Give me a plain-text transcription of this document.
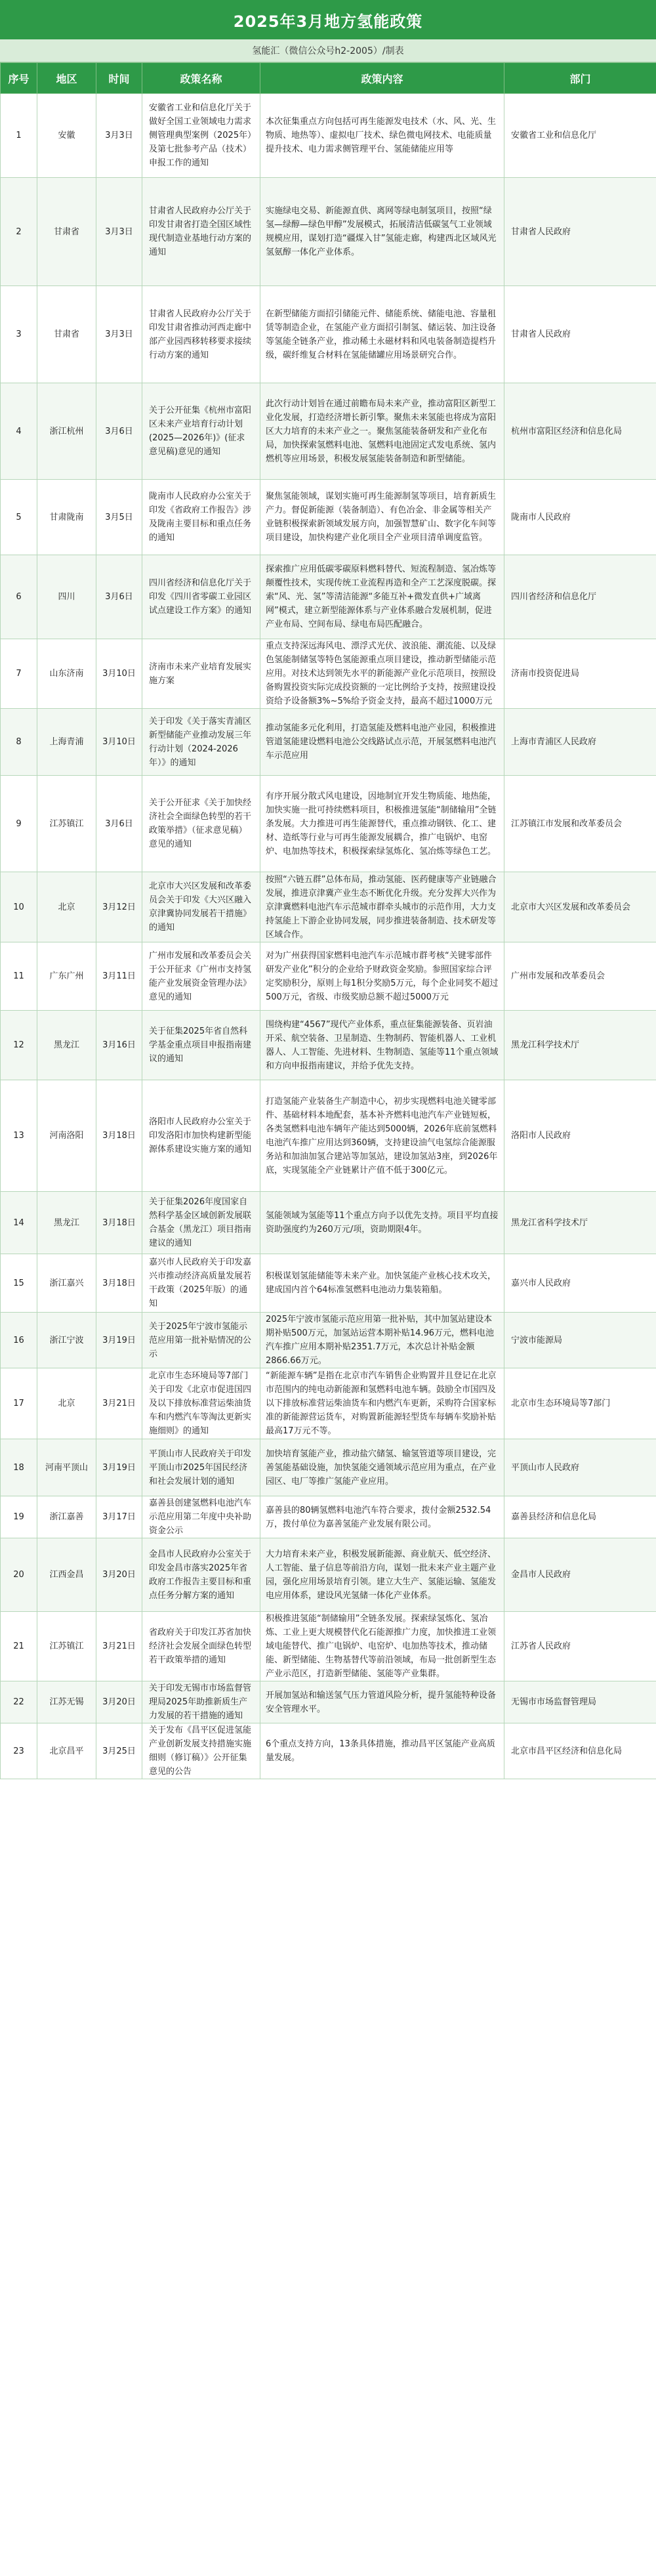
2025年3月地方氢能政策
氢能汇（微信公众号h2-2005）/制表
序号	地区	时间	政策名称	政策内容	部门
1	安徽	3月3日	安徽省工业和信息化厅关于做好全国工业领域电力需求侧管理典型案例（2025年）及第七批参考产品（技术）申报工作的通知	本次征集重点方向包括可再生能源发电技术（水、风、光、生物质、地热等）、虚拟电厂技术、绿色微电网技术、电能质量提升技术、电力需求侧管理平台、氢能储能应用等	安徽省工业和信息化厅
2	甘肃省	3月3日	甘肃省人民政府办公厅关于印发甘肃省打造全国区域性现代制造业基地行动方案的通知	实施绿电交易、新能源直供、离网等绿电制氢项目，按照“绿氢—绿醇—绿色甲醇”发展模式，拓展清洁低碳氢气工业领域规模应用，谋划打造“疆煤入甘”氢能走廊，构建西北区域风光氢氨醇一体化产业体系。	甘肃省人民政府
3	甘肃省	3月3日	甘肃省人民政府办公厅关于印发甘肃省推动河西走廊中部产业园西移转移要求接续行动方案的通知	在新型储能方面招引储能元件、储能系统、储能电池、容量租赁等制造企业，在氢能产业方面招引制氢、储运装、加注设备等氢能全链条产业，推动稀土永磁材料和风电装备制造提档升级，碳纤维复合材料在氢能储罐应用场景研究合作。	甘肃省人民政府
4	浙江杭州	3月6日	关于公开征集《杭州市富阳区未来产业培育行动计划(2025—2026年)》(征求意见稿)意见的通知	此次行动计划旨在通过前瞻布局未来产业，推动富阳区新型工业化发展，打造经济增长新引擎。聚焦未来氢能也将成为富阳区大力培育的未来产业之一。聚焦氢能装备研发和产业化布局，加快探索氢燃料电池、氢燃料电池固定式发电系统、氢内燃机等应用场景，积极发展氢能装备制造和新型储能。	杭州市富阳区经济和信息化局
5	甘肃陇南	3月5日	陇南市人民政府办公室关于印发《省政府工作报告》涉及陇南主要目标和重点任务的通知	聚焦氢能领域，谋划实施可再生能源制氢等项目，培育新质生产力。督促新能源（装备制造）、有色冶金、非金属等相关产业链积极探索新领域发展方向，加强智慧矿山、数字化车间等项目建设，加快构建产业化项目全产业项目清单调度监管。	陇南市人民政府
6	四川	3月6日	四川省经济和信息化厅关于印发《四川省零碳工业园区试点建设工作方案》的通知	探索推广应用低碳零碳原料燃料替代、短流程制造、氢冶炼等颠覆性技术，实现传统工业流程再造和全产工艺深度脱碳。探索“风、光、氢”等清洁能源“多能互补+微发直供+广域离网”模式，建立新型能源体系与产业体系融合发展机制，促进产业布局、空间布局、绿电布局匹配融合。	四川省经济和信息化厅
7	山东济南	3月10日	济南市未来产业培育发展实施方案	重点支持深远海风电、漂浮式光伏、波浪能、潮流能、以及绿色氢能制储氢等特色氢能源重点项目建设，推动新型储能示范应用。对技术达到领先水平的新能源产业化示范项目，按照设备购置投资实际完成投资额的一定比例给予支持，按照建设投资给予设备额3%~5%给予资金支持，最高不超过1000万元	济南市投资促进局
8	上海青浦	3月10日	关于印发《关于落实青浦区新型储能产业推动发展三年行动计划（2024-2026年）》的通知	推动氢能多元化利用，打造氢能及燃料电池产业园，积极推进管道氢能建设燃料电池公交线路试点示范，开展氢燃料电池汽车示范应用	上海市青浦区人民政府
9	江苏镇江	3月6日	关于公开征求《关于加快经济社会全面绿色转型的若干政策举措》（征求意见稿）意见的通知	有序开展分散式风电建设，因地制宜开发生物质能、地热能，加快实施一批可持续燃料项目，积极推进氢能“制储输用”全链条发展。大力推进可再生能源替代，重点推动钢铁、化工、建材、造纸等行业与可再生能源发展耦合，推广电锅炉、电窑炉、电加热等技术，积极探索绿氢炼化、氢冶炼等绿色工艺。	江苏镇江市发展和改革委员会
10	北京	3月12日	北京市大兴区发展和改革委员会关于印发《大兴区融入京津冀协同发展若干措施》的通知	按照“六链五群”总体布局，推动氢能、医药健康等产业链融合发展，推进京津冀产业生态不断优化升级。充分发挥大兴作为京津冀燃料电池汽车示范城市群牵头城市的示范作用，大力支持氢能上下游企业协同发展，同步推进装备制造、技术研发等区域合作。	北京市大兴区发展和改革委员会
11	广东广州	3月11日	广州市发展和改革委员会关于公开征求《广州市支持氢能产业发展资金管理办法》意见的通知	对为广州获得国家燃料电池汽车示范城市群考核“关键零部件研发产业化”积分的企业给予财政资金奖励。参照国家综合评定奖励积分，原则上每1积分奖励5万元，每个企业同奖不超过500万元，省级、市级奖励总额不超过5000万元	广州市发展和改革委员会
12	黑龙江	3月16日	关于征集2025年省自然科学基金重点项目申报指南建议的通知	围绕构建“4567”现代产业体系，重点征集能源装备、页岩油开采、航空装备、卫星制造、生物制药、智能机器人、工业机器人、人工智能、先进材料、生物制造、氢能等11个重点领域和方向申报指南建议，并给予优先支持。	黑龙江科学技术厅
13	河南洛阳	3月18日	洛阳市人民政府办公室关于印发洛阳市加快构建新型能源体系建设实施方案的通知	打造氢能产业装备生产制造中心，初步实现燃料电池关键零部件、基础材料本地配套，基本补齐燃料电池汽车产业链短板，各类氢燃料电池车辆年产能达到5000辆，2026年底前氢燃料电池汽车推广应用达到360辆，支持建设油气电氢综合能源服务站和加油加氢合建站等加氢站，建设加氢站3座，到2026年底，实现氢能全产业链累计产值不低于300亿元。	洛阳市人民政府
14	黑龙江	3月18日	关于征集2026年度国家自然科学基金区域创新发展联合基金（黑龙江）项目指南建议的通知	氢能领域为氢能等11个重点方向予以优先支持。项目平均直接资助强度约为260万元/项，资助期限4年。	黑龙江省科学技术厅
15	浙江嘉兴	3月18日	嘉兴市人民政府关于印发嘉兴市推动经济高质量发展若干政策（2025年版）的通知	积极谋划氢能储能等未来产业。加快氢能产业核心技术攻关，建成国内首个64标准氢燃料电池动力集装箱船。	嘉兴市人民政府
16	浙江宁波	3月19日	关于2025年宁波市氢能示范应用第一批补贴情况的公示	2025年宁波市氢能示范应用第一批补贴，其中加氢站建设本期补贴500万元，加氢站运营本期补贴14.96万元，燃料电池汽车推广应用本期补贴2351.7万元，本次总计补贴金额2866.66万元。	宁波市能源局
17	北京	3月21日	北京市生态环境局等7部门关于印发《北京市促进国四及以下排放标准营运柴油货车和内燃汽车等淘汰更新实施细则》的通知	“新能源车辆”是指在北京市汽车销售企业购置并且登记在北京市范围内的纯电动新能源和氢燃料电池车辆。鼓励全市国四及以下排放标准营运柴油货车和内燃汽车更新，采购符合国家标准的新能源营运货车，对购置新能源轻型货车每辆车奖励补贴最高17万元不等。	北京市生态环境局等7部门
18	河南平顶山	3月19日	平顶山市人民政府关于印发平顶山市2025年国民经济和社会发展计划的通知	加快培育氢能产业，推动盐穴储氢、输氢管道等项目建设，完善氢能基础设施，加快氢能交通领域示范应用为重点，在产业园区、电厂等推广氢能产业应用。	平顶山市人民政府
19	浙江嘉善	3月17日	嘉善县创建氢燃料电池汽车示范应用第二年度中央补助资金公示	嘉善县的80辆氢燃料电池汽车符合要求，拨付金额2532.54万，拨付单位为嘉善氢能产业发展有限公司。	嘉善县经济和信息化局
20	江西金昌	3月20日	金昌市人民政府办公室关于印发金昌市落实2025年省政府工作报告主要目标和重点任务分解方案的通知	大力培育未来产业，积极发展新能源、商业航天、低空经济、人工智能、量子信息等前沿方向，谋划一批未来产业主题产业园，强化应用场景培育引领。建立大生产、氢能运输、氢能发电应用体系，建设风光氢储一体化产业体系。	金昌市人民政府
21	江苏镇江	3月21日	省政府关于印发江苏省加快经济社会发展全面绿色转型若干政策举措的通知	积极推进氢能“制储输用”全链条发展。探索绿氢炼化、氢冶炼、工业上更大规模替代化石能源推广力度，加快推进工业领域电能替代、推广电锅炉、电窑炉、电加热等技术，推动储能、新型储能、生物基替代等前沿领域，布局一批创新型生态产业示范区，打造新型储能、氢能等产业集群。	江苏省人民政府
22	江苏无锡	3月20日	关于印发无锡市市场监督管理局2025年助推新质生产力发展的若干措施的通知	开展加氢站和输送氢气压力管道风险分析，提升氢能特种设备安全管理水平。	无锡市市场监督管理局
23	北京昌平	3月25日	关于发布《昌平区促进氢能产业创新发展支持措施实施细则（修订稿）》公开征集意见的公告	6个重点支持方向，13条具体措施，推动昌平区氢能产业高质量发展。	北京市昌平区经济和信息化局
